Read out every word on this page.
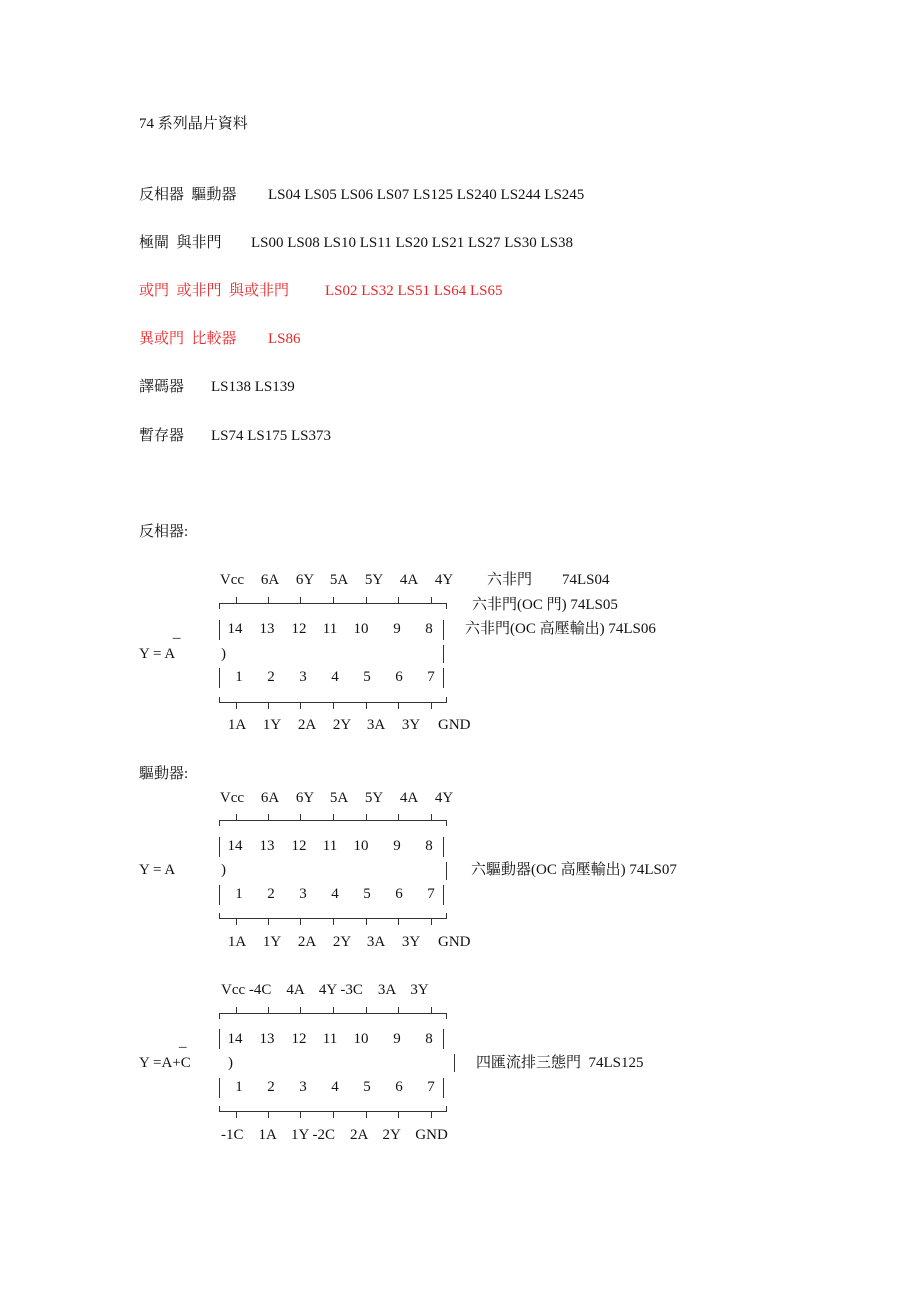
74 系列晶片資料
反相器  驅動器 LS04 LS05 LS06 LS07 LS125 LS240 LS244 LS245
極閘  與非門 LS00 LS08 LS10 LS11 LS20 LS21 LS27 LS30 LS38
或門  或非門  與或非門 LS02 LS32 LS51 LS64 LS65
異或門  比較器 LS86
譯碼器 LS138 LS139
暫存器 LS74 LS175 LS373
反相器:
Vcc	6A	6Y	5A	5Y	4A	4Y
14	13	12	11	10	9	8
)
1	2	3	4	5	6	7
1A	1Y	2A	2Y	3A	3Y	GND
_
Y = A
六非門        74LS04
六非門(OC 門) 74LS05
六非門(OC 高壓輸出) 74LS06
驅動器:
Vcc	6A	6Y	5A	5Y	4A	4Y
14	13	12	11	10	9	8
)
1	2	3	4	5	6	7
1A	1Y	2A	2Y	3A	3Y	GND
Y = A	六驅動器(OC 高壓輸出) 74LS07
Vcc -4C    4A    4Y -3C    3A    3Y
14	13	12	11	10	9	8
)
1	2	3	4	5	6	7
-1C    1A    1Y -2C    2A    2Y    GND
_
Y =A+C	四匯流排三態門  74LS125
